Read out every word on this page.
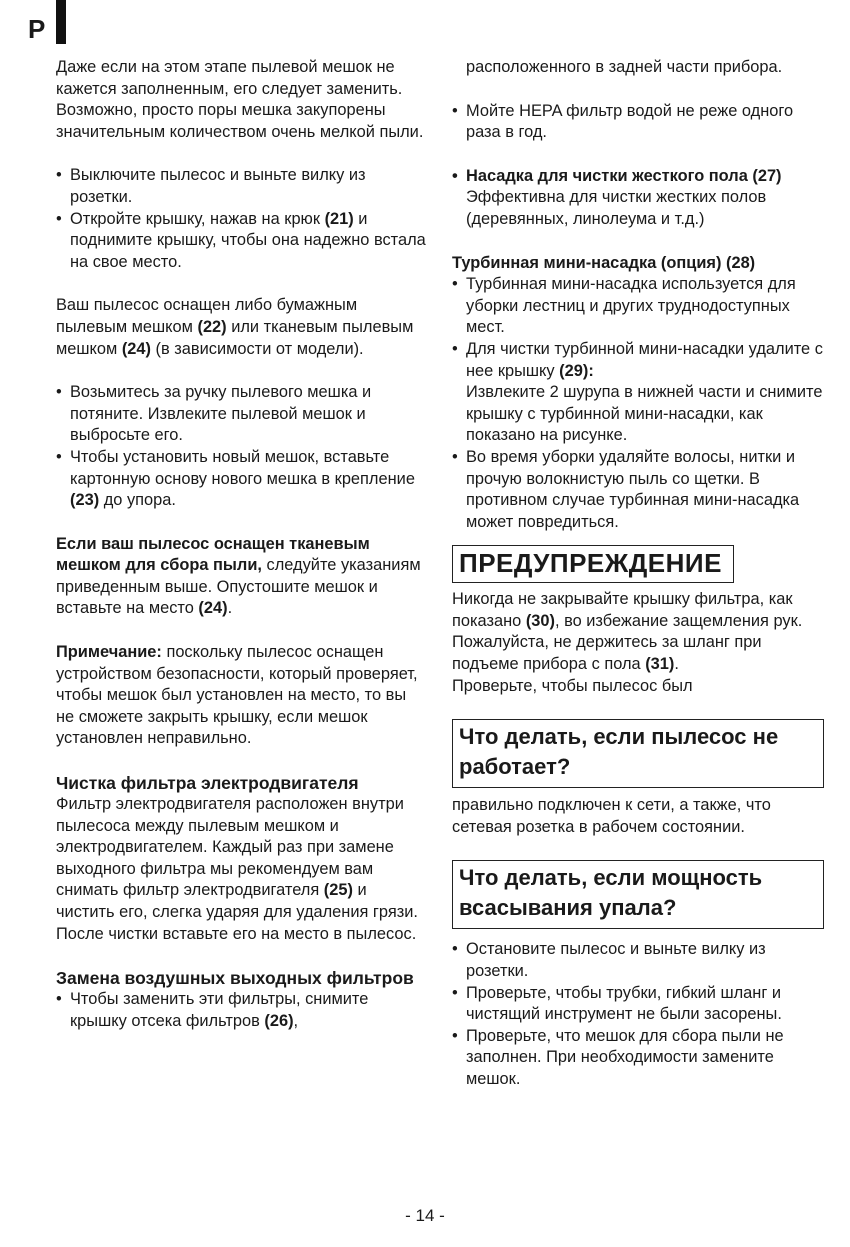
P

Даже если на этом этапе пылевой мешок не кажется заполненным, его следует заменить. Возможно, просто поры мешка закупорены значительным количеством очень мелкой пыли.

• Выключите пылесос и выньте вилку из розетки.
• Откройте крышку, нажав на крюк (21) и поднимите крышку, чтобы она надежно встала на свое место.

Ваш пылесос оснащен либо бумажным пылевым мешком (22) или тканевым пылевым мешком (24) (в зависимости от модели).

• Возьмитесь за ручку пылевого мешка и потяните. Извлеките пылевой мешок и выбросьте его.
• Чтобы установить новый мешок, вставьте картонную основу нового мешка в крепление (23) до упора.

Если ваш пылесос оснащен тканевым мешком для сбора пыли, следуйте указаниям приведенным выше. Опустошите мешок и вставьте на место (24).

Примечание: поскольку пылесос оснащен устройством безопасности, который проверяет, чтобы мешок был установлен на место, то вы не сможете закрыть крышку, если мешок установлен неправильно.

Чистка фильтра электродвигателя

Фильтр электродвигателя расположен внутри пылесоса между пылевым мешком и электродвигателем. Каждый раз при замене выходного фильтра мы рекомендуем вам снимать фильтр электродвигателя (25) и чистить его, слегка ударяя для удаления грязи. После чистки вставьте его на место в пылесос.

Замена воздушных выходных фильтров

• Чтобы заменить эти фильтры, снимите крышку отсека фильтров (26),

расположенного в задней части прибора.

• Мойте HEPA фильтр водой не реже одного раза в год.
• Насадка для чистки жесткого пола (27)

Эффективна для чистки жестких полов (деревянных, линолеума и т.д.)

Турбинная мини-насадка (опция) (28)

• Турбинная мини-насадка используется для уборки лестниц и других труднодоступных мест.
• Для чистки турбинной мини-насадки удалите с нее крышку (29):
Извлеките 2 шурупа в нижней части и снимите крышку с турбинной мини-насадки, как показано на рисунке.
• Во время уборки удаляйте волосы, нитки и прочую волокнистую пыль со щетки. В противном случае турбинная мини-насадка может повредиться.
ПРЕДУПРЕЖДЕНИЕ

Никогда не закрывайте крышку фильтра, как показано (30), во избежание защемления рук.
Пожалуйста, не держитесь за шланг при подъеме прибора с пола (31).
Проверьте, чтобы пылесос был

Что делать, если пылесос не работает?

правильно подключен к сети, а также, что сетевая розетка в рабочем состоянии.

Что делать, если мощность всасывания упала?
• Остановите пылесос и выньте вилку из розетки.
• Проверьте, чтобы трубки, гибкий шланг и чистящий инструмент не были засорены.
• Проверьте, что мешок для сбора пыли не заполнен. При необходимости замените мешок.
- 14 -
